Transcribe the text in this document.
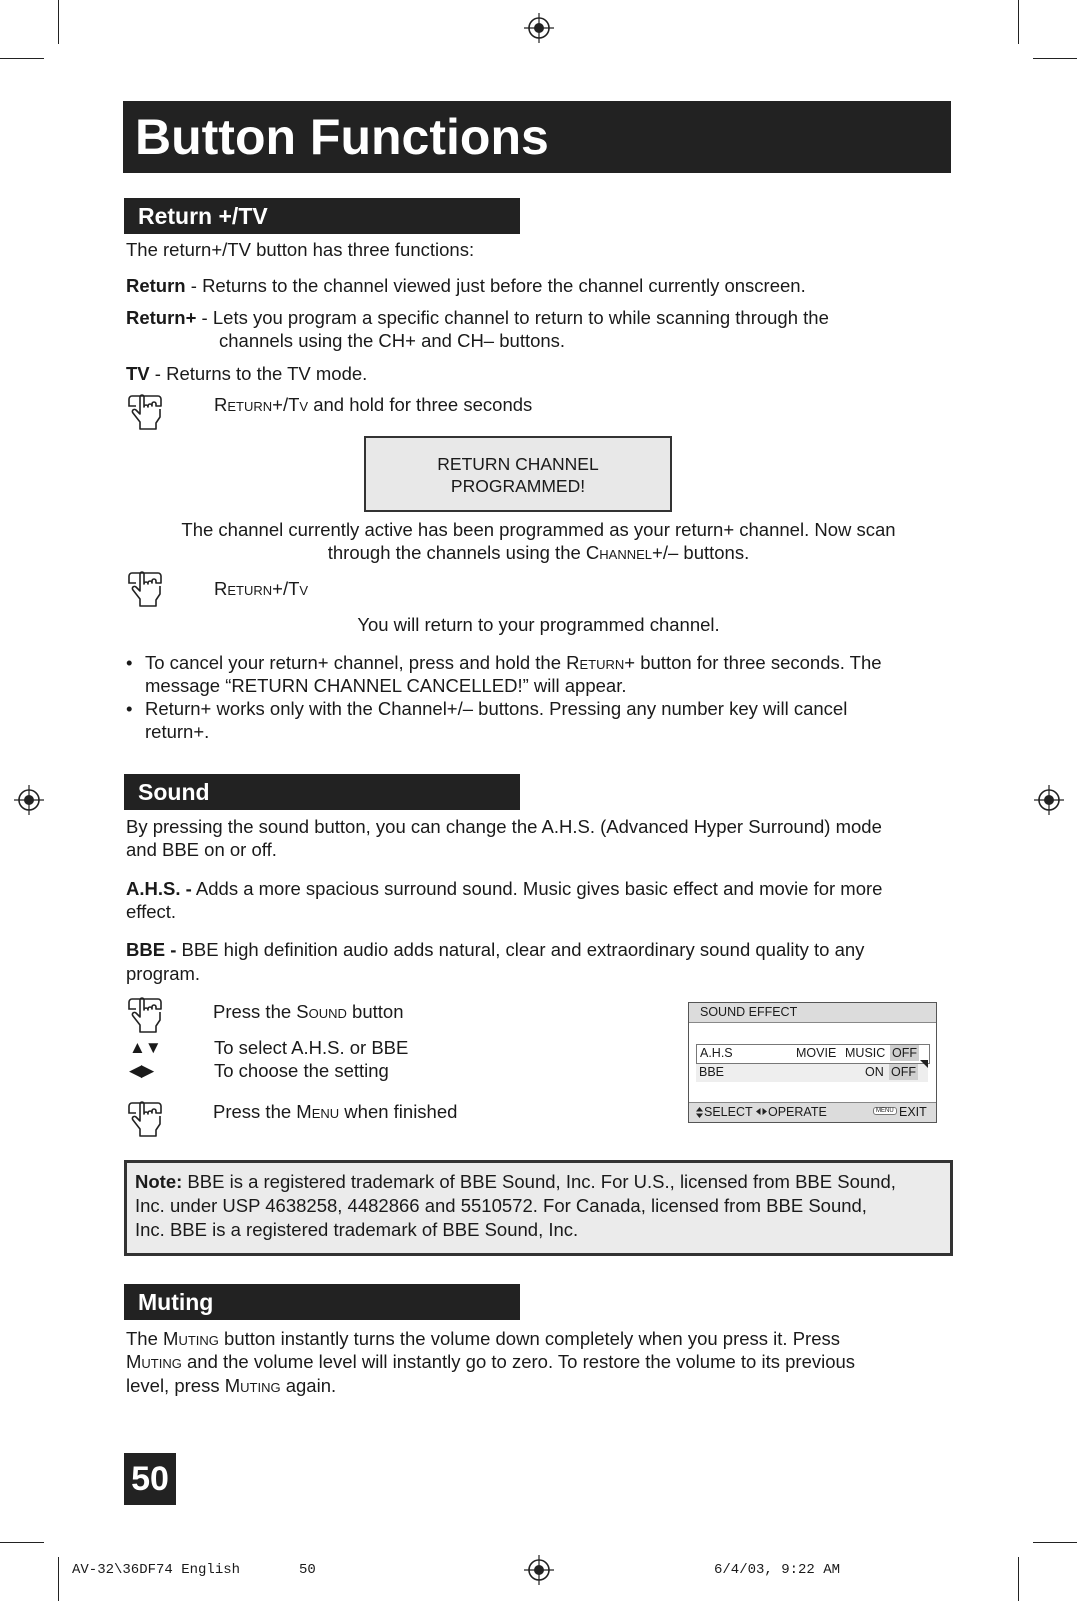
Button Functions
Return +/TV
The return+/TV button has three functions:
Return - Returns to the channel viewed just before the channel currently onscreen.
Return+ - Lets you program a specific channel to return to while scanning through the
channels using the CH+ and CH– buttons.
TV - Returns to the TV mode.
Return+/Tv and hold for three seconds
RETURN CHANNEL
PROGRAMMED!
The channel currently active has been programmed as your return+ channel. Now scan
through the channels using the Channel+/– buttons.
Return+/Tv
You will return to your programmed channel.
• To cancel your return+ channel, press and hold the Return+ button for three seconds. The
message “RETURN CHANNEL CANCELLED!” will appear.
• Return+ works only with the Channel+/– buttons. Pressing any number key will cancel
return+.
Sound
By pressing the sound button, you can change the A.H.S. (Advanced Hyper Surround) mode
and BBE on or off.
A.H.S. - Adds a more spacious surround sound. Music gives basic effect and movie for more
effect.
BBE - BBE high definition audio adds natural, clear and extraordinary sound quality to any
program.
Press the Sound button
▲▼	To select A.H.S. or BBE
◀▶	To choose the setting
Press the Menu when finished
SOUND EFFECT
A.H.S	MOVIE MUSIC OFF
BBE	ON OFF
SELECT OPERATE	MENU EXIT
Note: BBE is a registered trademark of BBE Sound, Inc. For U.S., licensed from BBE Sound,
Inc. under USP 4638258, 4482866 and 5510572. For Canada, licensed from BBE Sound,
Inc. BBE is a registered trademark of BBE Sound, Inc.
Muting
The Muting button instantly turns the volume down completely when you press it. Press
Muting and the volume level will instantly go to zero. To restore the volume to its previous
level, press Muting again.
50
AV-32\36DF74 English	50	6/4/03, 9:22 AM
